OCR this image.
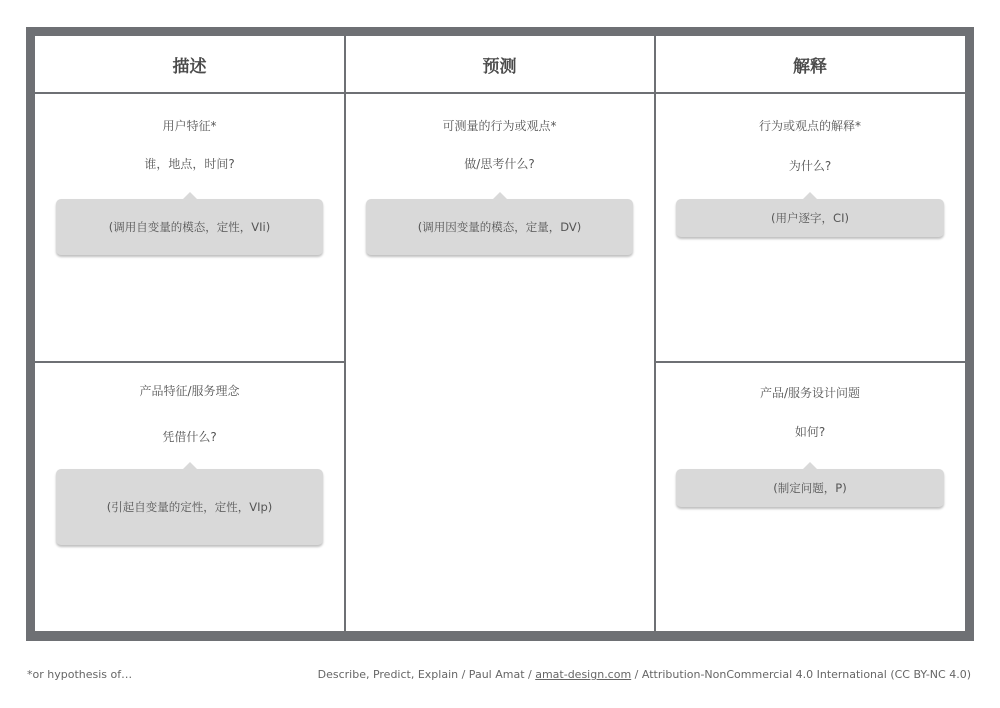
描述
用户特征*
谁，地点，时间?
(调用自变量的模态，定性，VIi)
产品特征/服务理念
凭借什么?
(引起自变量的定性，定性，VIp)
预测
可测量的行为或观点*
做/思考什么?
(调用因变量的模态，定量，DV)
解释
行为或观点的解释*
为什么?
(用户逐字，CI)
产品/服务设计问题
如何?
(制定问题，P)
*or hypothesis of…	Describe, Predict, Explain / Paul Amat / amat-design.com / Attribution-NonCommercial 4.0 International (CC BY-NC 4.0)
